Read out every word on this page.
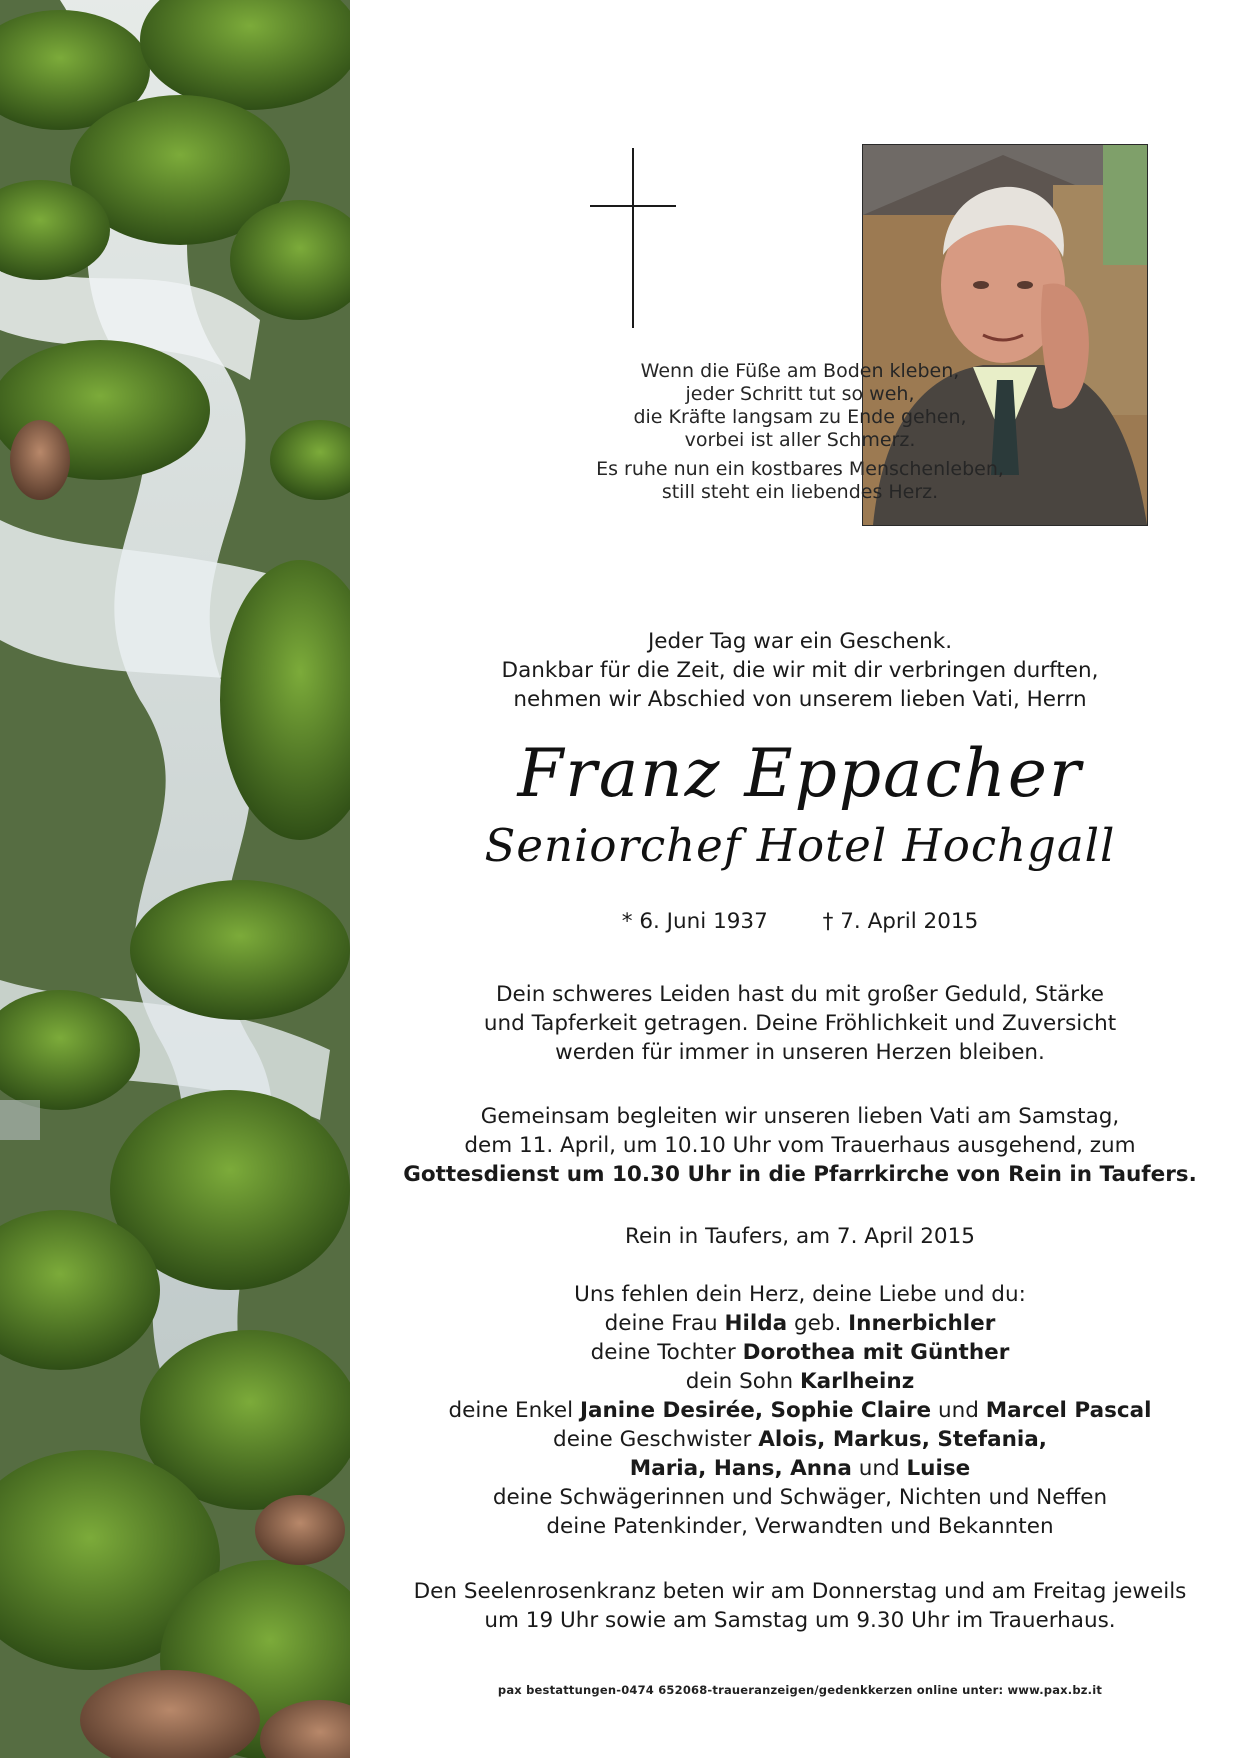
Wenn die Füße am Boden kleben,
jeder Schritt tut so weh,
die Kräfte langsam zu Ende gehen,
vorbei ist aller Schmerz.

Es ruhe nun ein kostbares Menschenleben,
still steht ein liebendes Herz.

Jeder Tag war ein Geschenk.
Dankbar für die Zeit, die wir mit dir verbringen durften,
nehmen wir Abschied von unserem lieben Vati, Herrn
Franz Eppacher
Seniorchef Hotel Hochgall
* 6. Juni 1937	† 7. April 2015
Dein schweres Leiden hast du mit großer Geduld, Stärke
und Tapferkeit getragen. Deine Fröhlichkeit und Zuversicht
werden für immer in unseren Herzen bleiben.
Gemeinsam begleiten wir unseren lieben Vati am Samstag,
dem 11. April, um 10.10 Uhr vom Trauerhaus ausgehend, zum
Gottesdienst um 10.30 Uhr in die Pfarrkirche von Rein in Taufers.
Rein in Taufers, am 7. April 2015
Uns fehlen dein Herz, deine Liebe und du:
deine Frau Hilda geb. Innerbichler
deine Tochter Dorothea mit Günther
dein Sohn Karlheinz
deine Enkel Janine Desirée, Sophie Claire und Marcel Pascal
deine Geschwister Alois, Markus, Stefania,
Maria, Hans, Anna und Luise
deine Schwägerinnen und Schwäger, Nichten und Neffen
deine Patenkinder, Verwandten und Bekannten
Den Seelenrosenkranz beten wir am Donnerstag und am Freitag jeweils
um 19 Uhr sowie am Samstag um 9.30 Uhr im Trauerhaus.
pax bestattungen-0474 652068-traueranzeigen/gedenkkerzen online unter: www.pax.bz.it
